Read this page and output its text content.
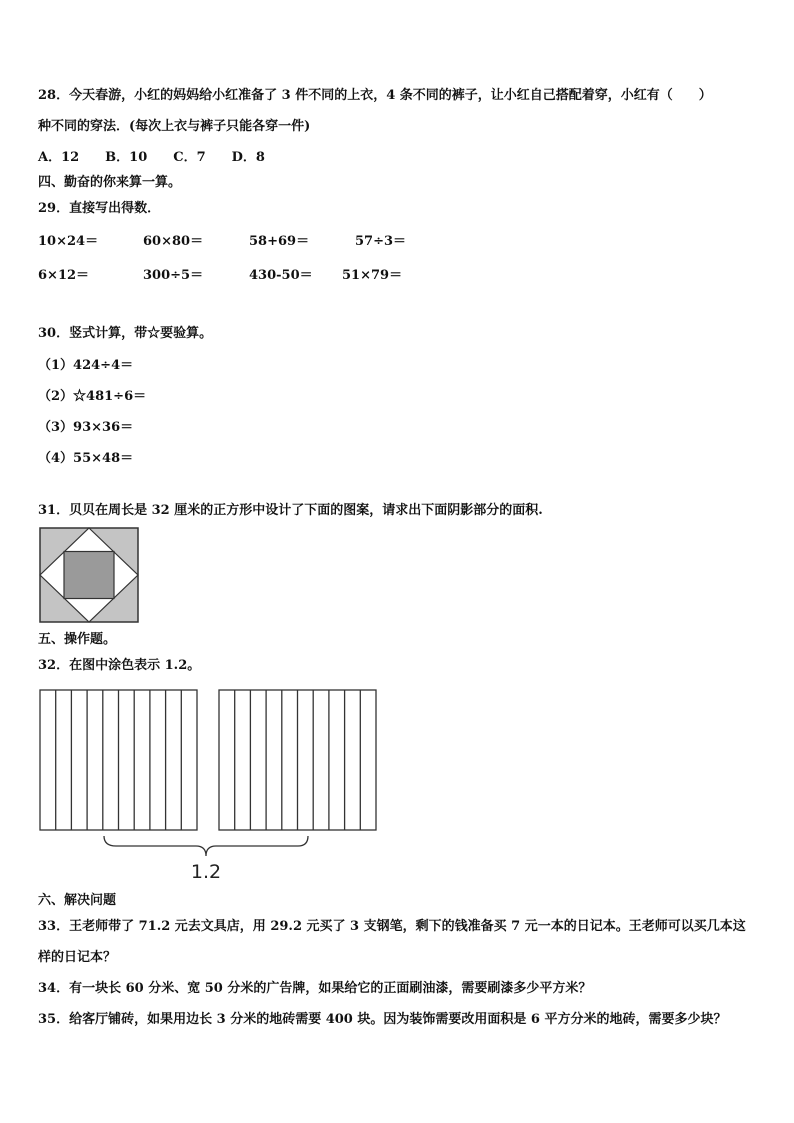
28．今天春游，小红的妈妈给小红准备了 3 件不同的上衣，4 条不同的裤子，让小红自己搭配着穿，小红有（　　）
种不同的穿法．(每次上衣与裤子只能各穿一件)
A．12　　B．10　　C．7　　D．8
四、勤奋的你来算一算。
29．直接写出得数．
10×24＝	60×80＝	58+69＝	57÷3＝
6×12＝	300÷5＝	430-50＝ 51×79＝
30．竖式计算，带☆要验算。
（1）424÷4＝
（2）☆481÷6＝
（3）93×36＝
（4）55×48＝
31．贝贝在周长是 32 厘米的正方形中设计了下面的图案，请求出下面阴影部分的面积.
五、操作题。
32．在图中涂色表示 1.2。
1.2
六、解决问题
33．王老师带了 71.2 元去文具店，用 29.2 元买了 3 支钢笔，剩下的钱准备买 7 元一本的日记本。王老师可以买几本这
样的日记本？
34．有一块长 60 分米、宽 50 分米的广告牌，如果给它的正面刷油漆，需要刷漆多少平方米？
35．给客厅铺砖，如果用边长 3 分米的地砖需要 400 块。因为装饰需要改用面积是 6 平方分米的地砖，需要多少块？
